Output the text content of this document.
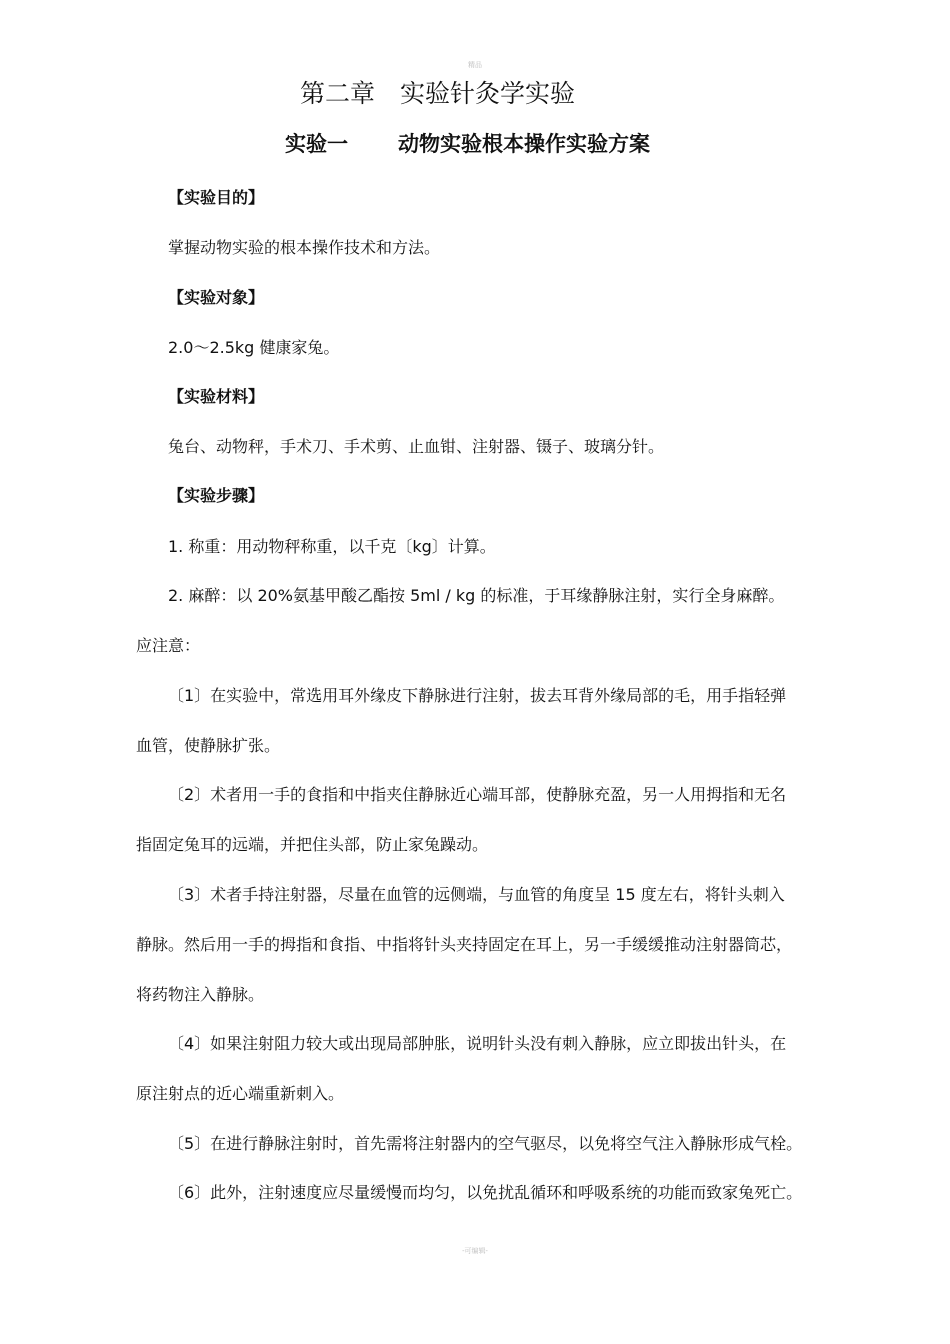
精品
第二章　实验针灸学实验
实验一 动物实验根本操作实验方案
【实验目的】
掌握动物实验的根本操作技术和方法。
【实验对象】
2.0～2.5kg 健康家兔。
【实验材料】
兔台、动物秤，手术刀、手术剪、止血钳、注射器、镊子、玻璃分针。
【实验步骤】
1. 称重：用动物秤称重，以千克〔kg〕计算。
2. 麻醉：以 20%氨基甲酸乙酯按 5ml / kg 的标准，于耳缘静脉注射，实行全身麻醉。
应注意：
〔1〕在实验中，常选用耳外缘皮下静脉进行注射，拔去耳背外缘局部的毛，用手指轻弹
血管，使静脉扩张。
〔2〕术者用一手的食指和中指夹住静脉近心端耳部，使静脉充盈，另一人用拇指和无名
指固定兔耳的远端，并把住头部，防止家兔躁动。
〔3〕术者手持注射器，尽量在血管的远侧端，与血管的角度呈 15 度左右，将针头刺入
静脉。然后用一手的拇指和食指、中指将针头夹持固定在耳上，另一手缓缓推动注射器筒芯，
将药物注入静脉。
〔4〕如果注射阻力较大或出现局部肿胀，说明针头没有刺入静脉，应立即拔出针头，在
原注射点的近心端重新刺入。
〔5〕在进行静脉注射时，首先需将注射器内的空气驱尽，以免将空气注入静脉形成气栓。
〔6〕此外，注射速度应尽量缓慢而均匀，以免扰乱循环和呼吸系统的功能而致家兔死亡。
-可编辑-
